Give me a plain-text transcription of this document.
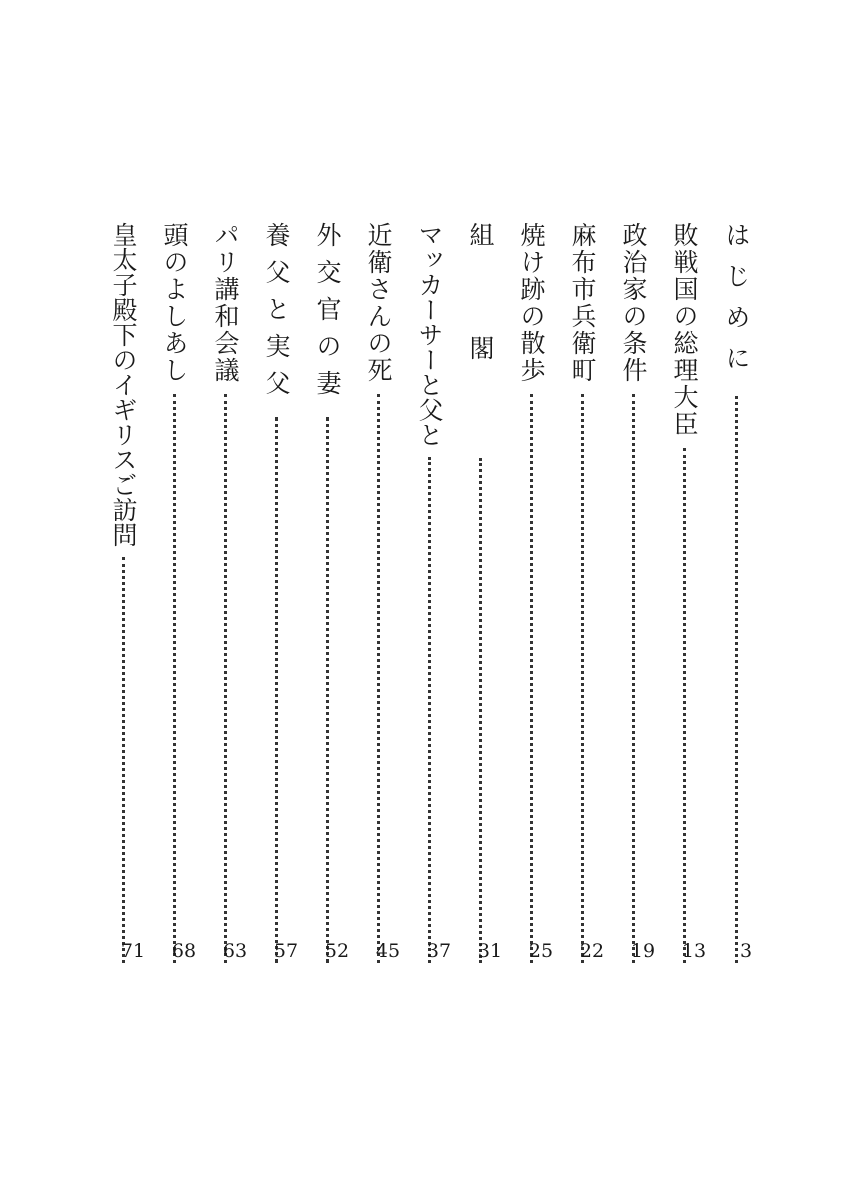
はじめに
3
敗戦国の総理大臣
13
政治家の条件
19
麻布市兵衛町
22
焼け跡の散歩
25
組閣
31
マッカーサーと父と
37
近衛さんの死
45
外交官の妻
52
養父と実父
57
パリ講和会議
63
頭のよしあし
68
皇太子殿下のイギリスご訪問
71
